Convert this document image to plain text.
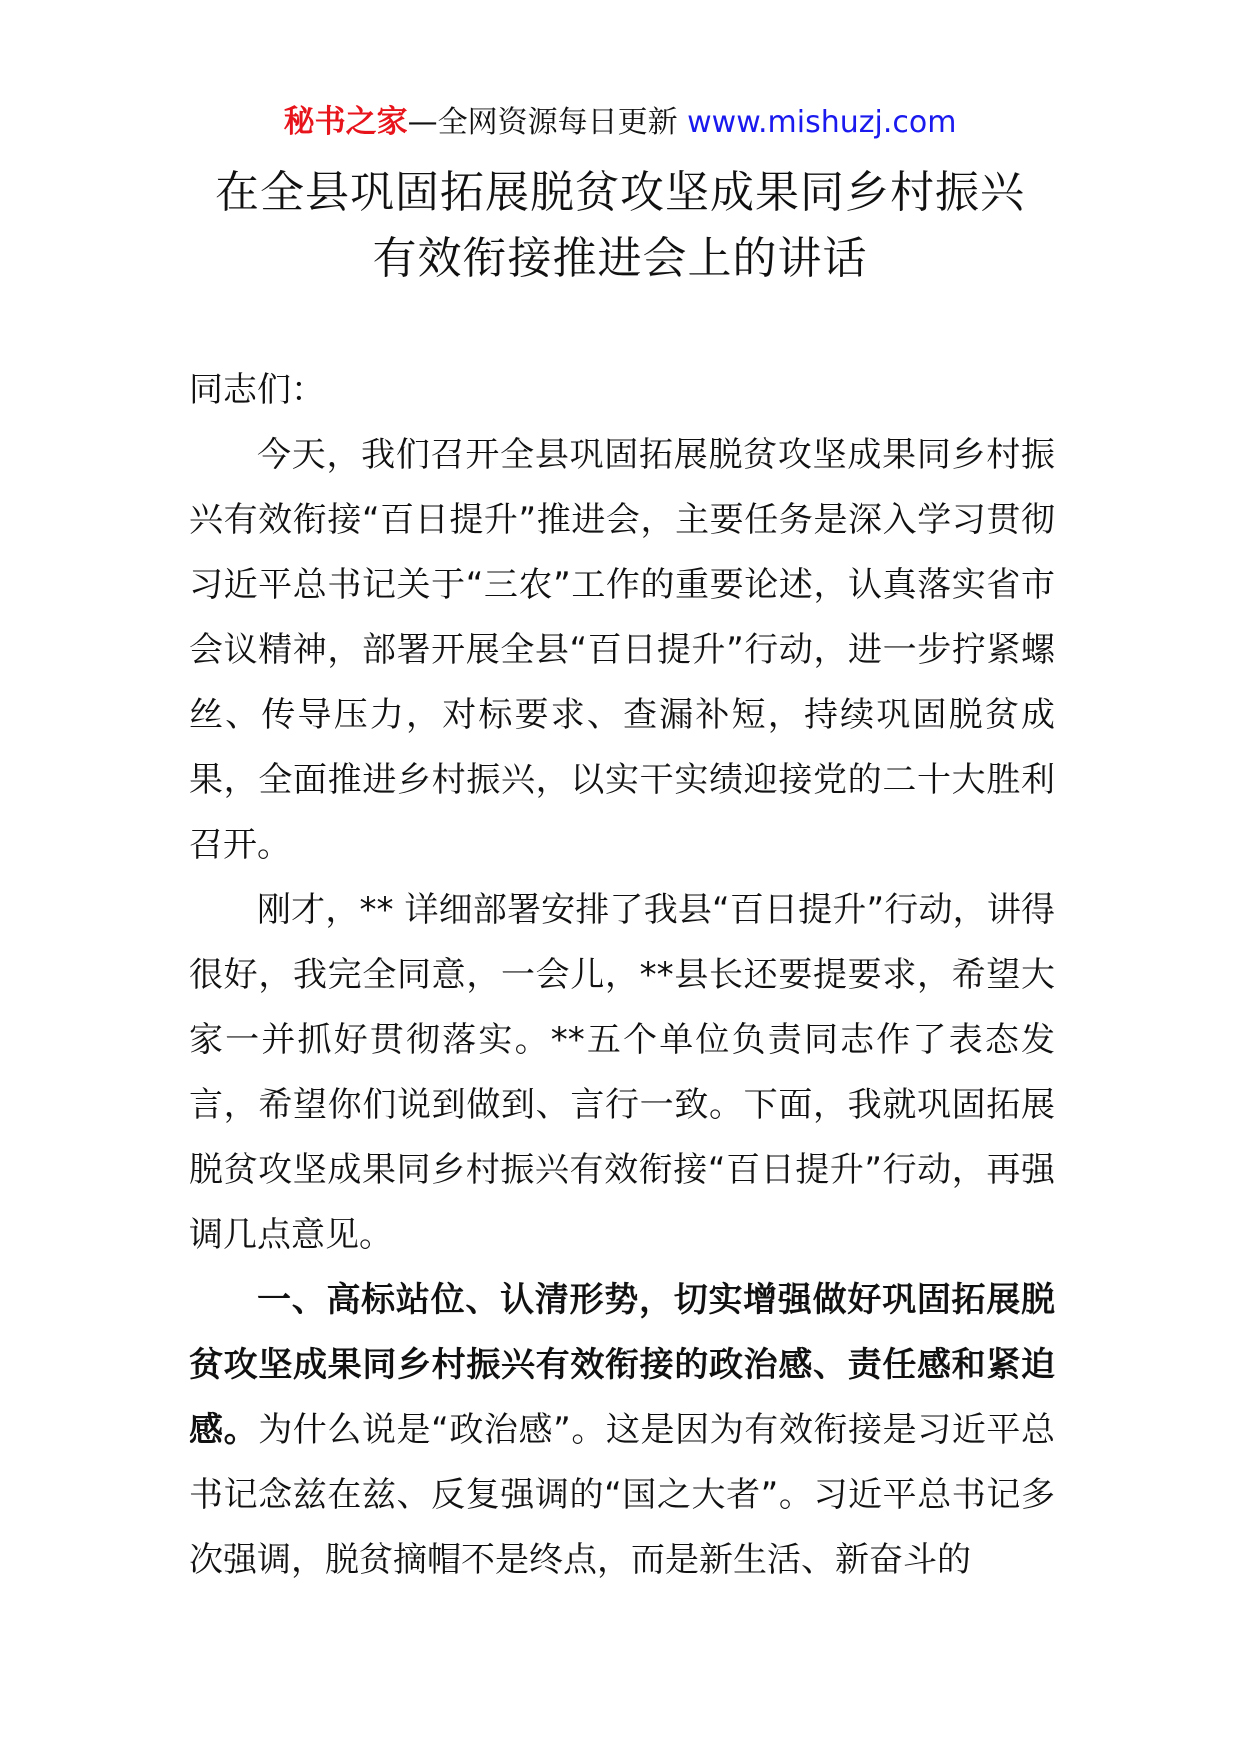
秘书之家—全网资源每日更新 www.mishuzj.com
在全县巩固拓展脱贫攻坚成果同乡村振兴
有效衔接推进会上的讲话

同志们：

今天，我们召开全县巩固拓展脱贫攻坚成果同乡村振兴有效衔接“百日提升”推进会，主要任务是深入学习贯彻习近平总书记关于“三农”工作的重要论述，认真落实省市会议精神，部署开展全县“百日提升”行动，进一步拧紧螺丝、传导压力，对标要求、查漏补短，持续巩固脱贫成果，全面推进乡村振兴，以实干实绩迎接党的二十大胜利召开。

刚才，** 详细部署安排了我县“百日提升”行动，讲得很好，我完全同意，一会儿，**县长还要提要求，希望大家一并抓好贯彻落实。**五个单位负责同志作了表态发言，希望你们说到做到、言行一致。下面，我就巩固拓展脱贫攻坚成果同乡村振兴有效衔接“百日提升”行动，再强调几点意见。

一、高标站位、认清形势，切实增强做好巩固拓展脱贫攻坚成果同乡村振兴有效衔接的政治感、责任感和紧迫感。为什么说是“政治感”。这是因为有效衔接是习近平总书记念兹在兹、反复强调的“国之大者”。习近平总书记多次强调，脱贫摘帽不是终点，而是新生活、新奋斗的
